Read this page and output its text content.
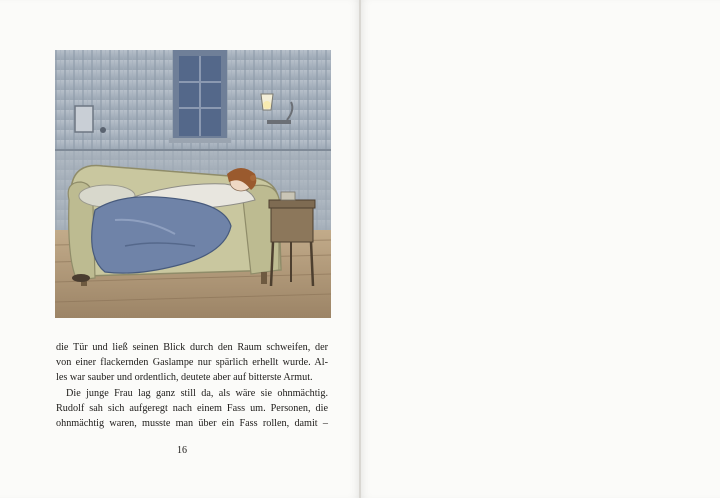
die Tür und ließ seinen Blick durch den Raum schweifen, der

von einer flackernden Gaslampe nur spärlich erhellt wurde. Al-

les war sauber und ordentlich, deutete aber auf bitterste Armut.

Die junge Frau lag ganz still da, als wäre sie ohnmächtig.

Rudolf sah sich aufgeregt nach einem Fass um. Personen, die

ohnmächtig waren, musste man über ein Fass rollen, damit –

16
